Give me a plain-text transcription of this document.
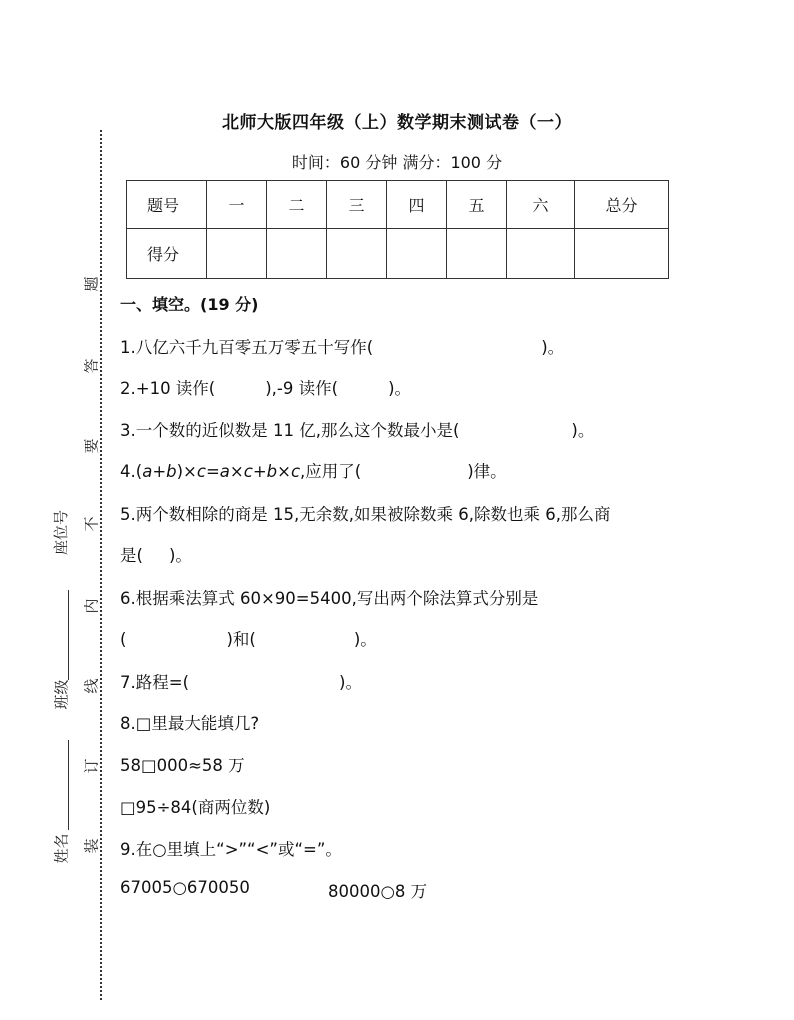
题
答
要
不
内
线
订
装
座位号
班级
姓名
北师大版四年级（上）数学期末测试卷（一）
时间：60 分钟 满分：100 分
题号	一	二	三	四	五	六	总分
得分							
一、填空。(19 分)
1.八亿六千九百零五万零五十写作(	)。
2.+10 读作(	),-9 读作(	)。
3.一个数的近似数是 11 亿,那么这个数最小是(	)。
4.(a+b)×c=a×c+b×c,应用了(	)律。
5.两个数相除的商是 15,无余数,如果被除数乘 6,除数也乘 6,那么商
是( )。
6.根据乘法算式 60×90=5400,写出两个除法算式分别是
(	)和(	)。
7.路程=(	)。
8.□里最大能填几?
58□000≈58 万
□95÷84(商两位数)
9.在○里填上“>”“<”或“=”。
67005○670050	80000○8 万
